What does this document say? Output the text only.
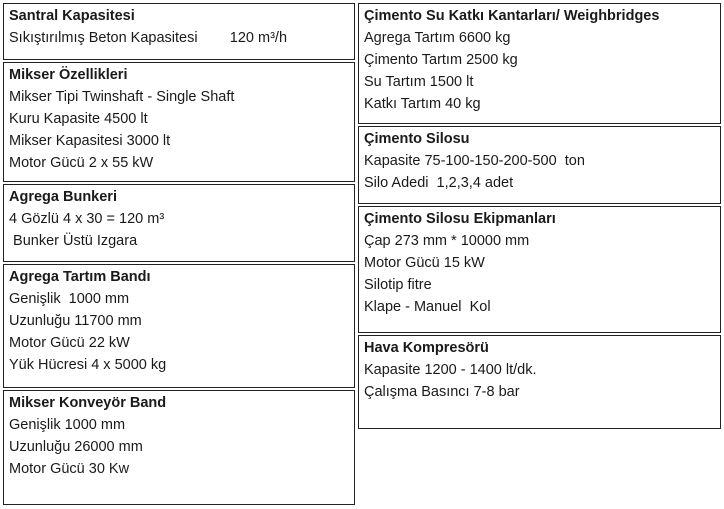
Santral Kapasitesi
Sıkıştırılmış Beton Kapasitesi        120 m³/h
Mikser Özellikleri
Mikser Tipi Twinshaft - Single Shaft
Kuru Kapasite 4500 lt
Mikser Kapasitesi 3000 lt
Motor Gücü 2 x 55 kW
Agrega Bunkeri
4 Gözlü 4 x 30 = 120 m³
Bunker Üstü Izgara
Agrega Tartım Bandı
Genişlik  1000 mm
Uzunluğu 11700 mm
Motor Gücü 22 kW
Yük Hücresi 4 x 5000 kg
Mikser Konveyör Band
Genişlik 1000 mm
Uzunluğu 26000 mm
Motor Gücü 30 Kw
Çimento Su Katkı Kantarları/ Weighbridges
Agrega Tartım 6600 kg
Çimento Tartım 2500 kg
Su Tartım 1500 lt
Katkı Tartım 40 kg
Çimento Silosu
Kapasite 75-100-150-200-500  ton
Silo Adedi  1,2,3,4 adet
Çimento Silosu Ekipmanları
Çap 273 mm * 10000 mm
Motor Gücü 15 kW
Silotip fitre
Klape - Manuel  Kol
Hava Kompresörü
Kapasite 1200 - 1400 lt/dk.
Çalışma Basıncı 7-8 bar
